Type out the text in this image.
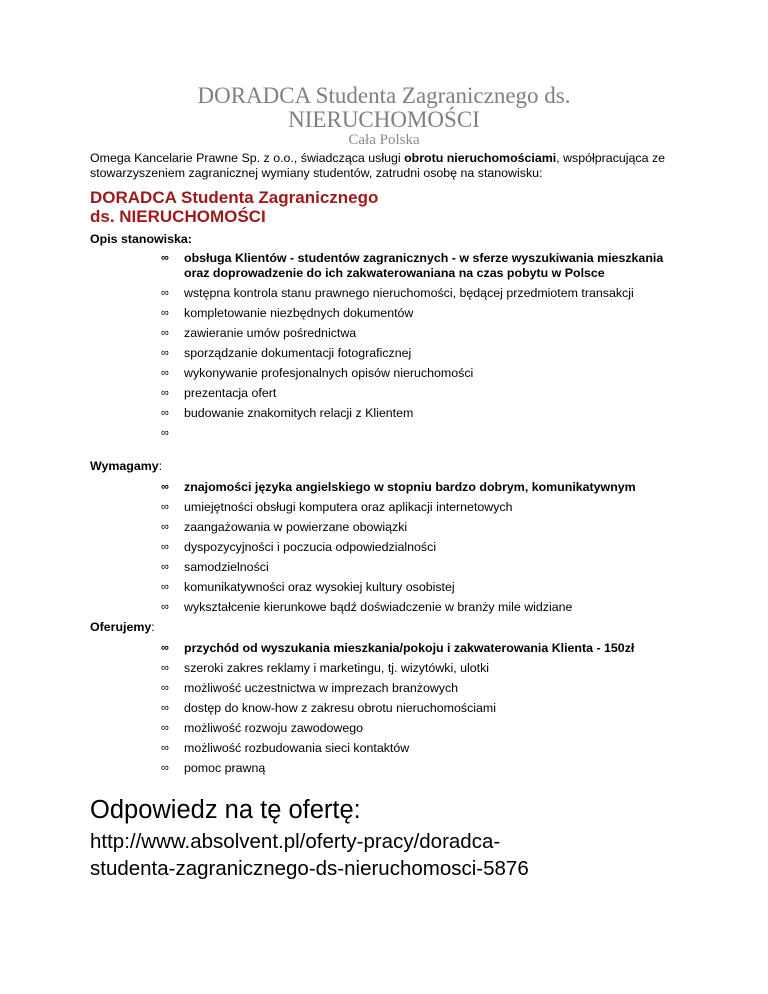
DORADCA Studenta Zagranicznego ds.
NIERUCHOMOŚCI
Cała Polska
Omega Kancelarie Prawne Sp. z o.o., świadcząca usługi obrotu nieruchomościami, współpracująca ze stowarzyszeniem zagranicznej wymiany studentów, zatrudni osobę na stanowisku:
DORADCA Studenta Zagranicznego
ds. NIERUCHOMOŚCI
Opis stanowiska:
∞ obsługa Klientów - studentów zagranicznych - w sferze wyszukiwania mieszkania oraz doprowadzenie do ich zakwaterowaniana na czas pobytu w Polsce
∞ wstępna kontrola stanu prawnego nieruchomości, będącej przedmiotem transakcji
∞ kompletowanie niezbędnych dokumentów
∞ zawieranie umów pośrednictwa
∞ sporządzanie dokumentacji fotograficznej
∞ wykonywanie profesjonalnych opisów nieruchomości
∞ prezentacja ofert
∞ budowanie znakomitych relacji z Klientem
∞
Wymagamy:
∞ znajomości języka angielskiego w stopniu bardzo dobrym, komunikatywnym
∞ umiejętności obsługi komputera oraz aplikacji internetowych
∞ zaangażowania w powierzane obowiązki
∞ dyspozycyjności i poczucia odpowiedzialności
∞ samodzielności
∞ komunikatywności oraz wysokiej kultury osobistej
∞ wykształcenie kierunkowe bądź doświadczenie w branży mile widziane
Oferujemy:
∞ przychód od wyszukania mieszkania/pokoju i zakwaterowania Klienta - 150zł
∞ szeroki zakres reklamy i marketingu, tj. wizytówki, ulotki
∞ możliwość uczestnictwa w imprezach branżowych
∞ dostęp do know-how z zakresu obrotu nieruchomościami
∞ możliwość rozwoju zawodowego
∞ możliwość rozbudowania sieci kontaktów
∞ pomoc prawną
Odpowiedz na tę ofertę:
http://www.absolvent.pl/oferty-pracy/doradca-
studenta-zagranicznego-ds-nieruchomosci-5876
